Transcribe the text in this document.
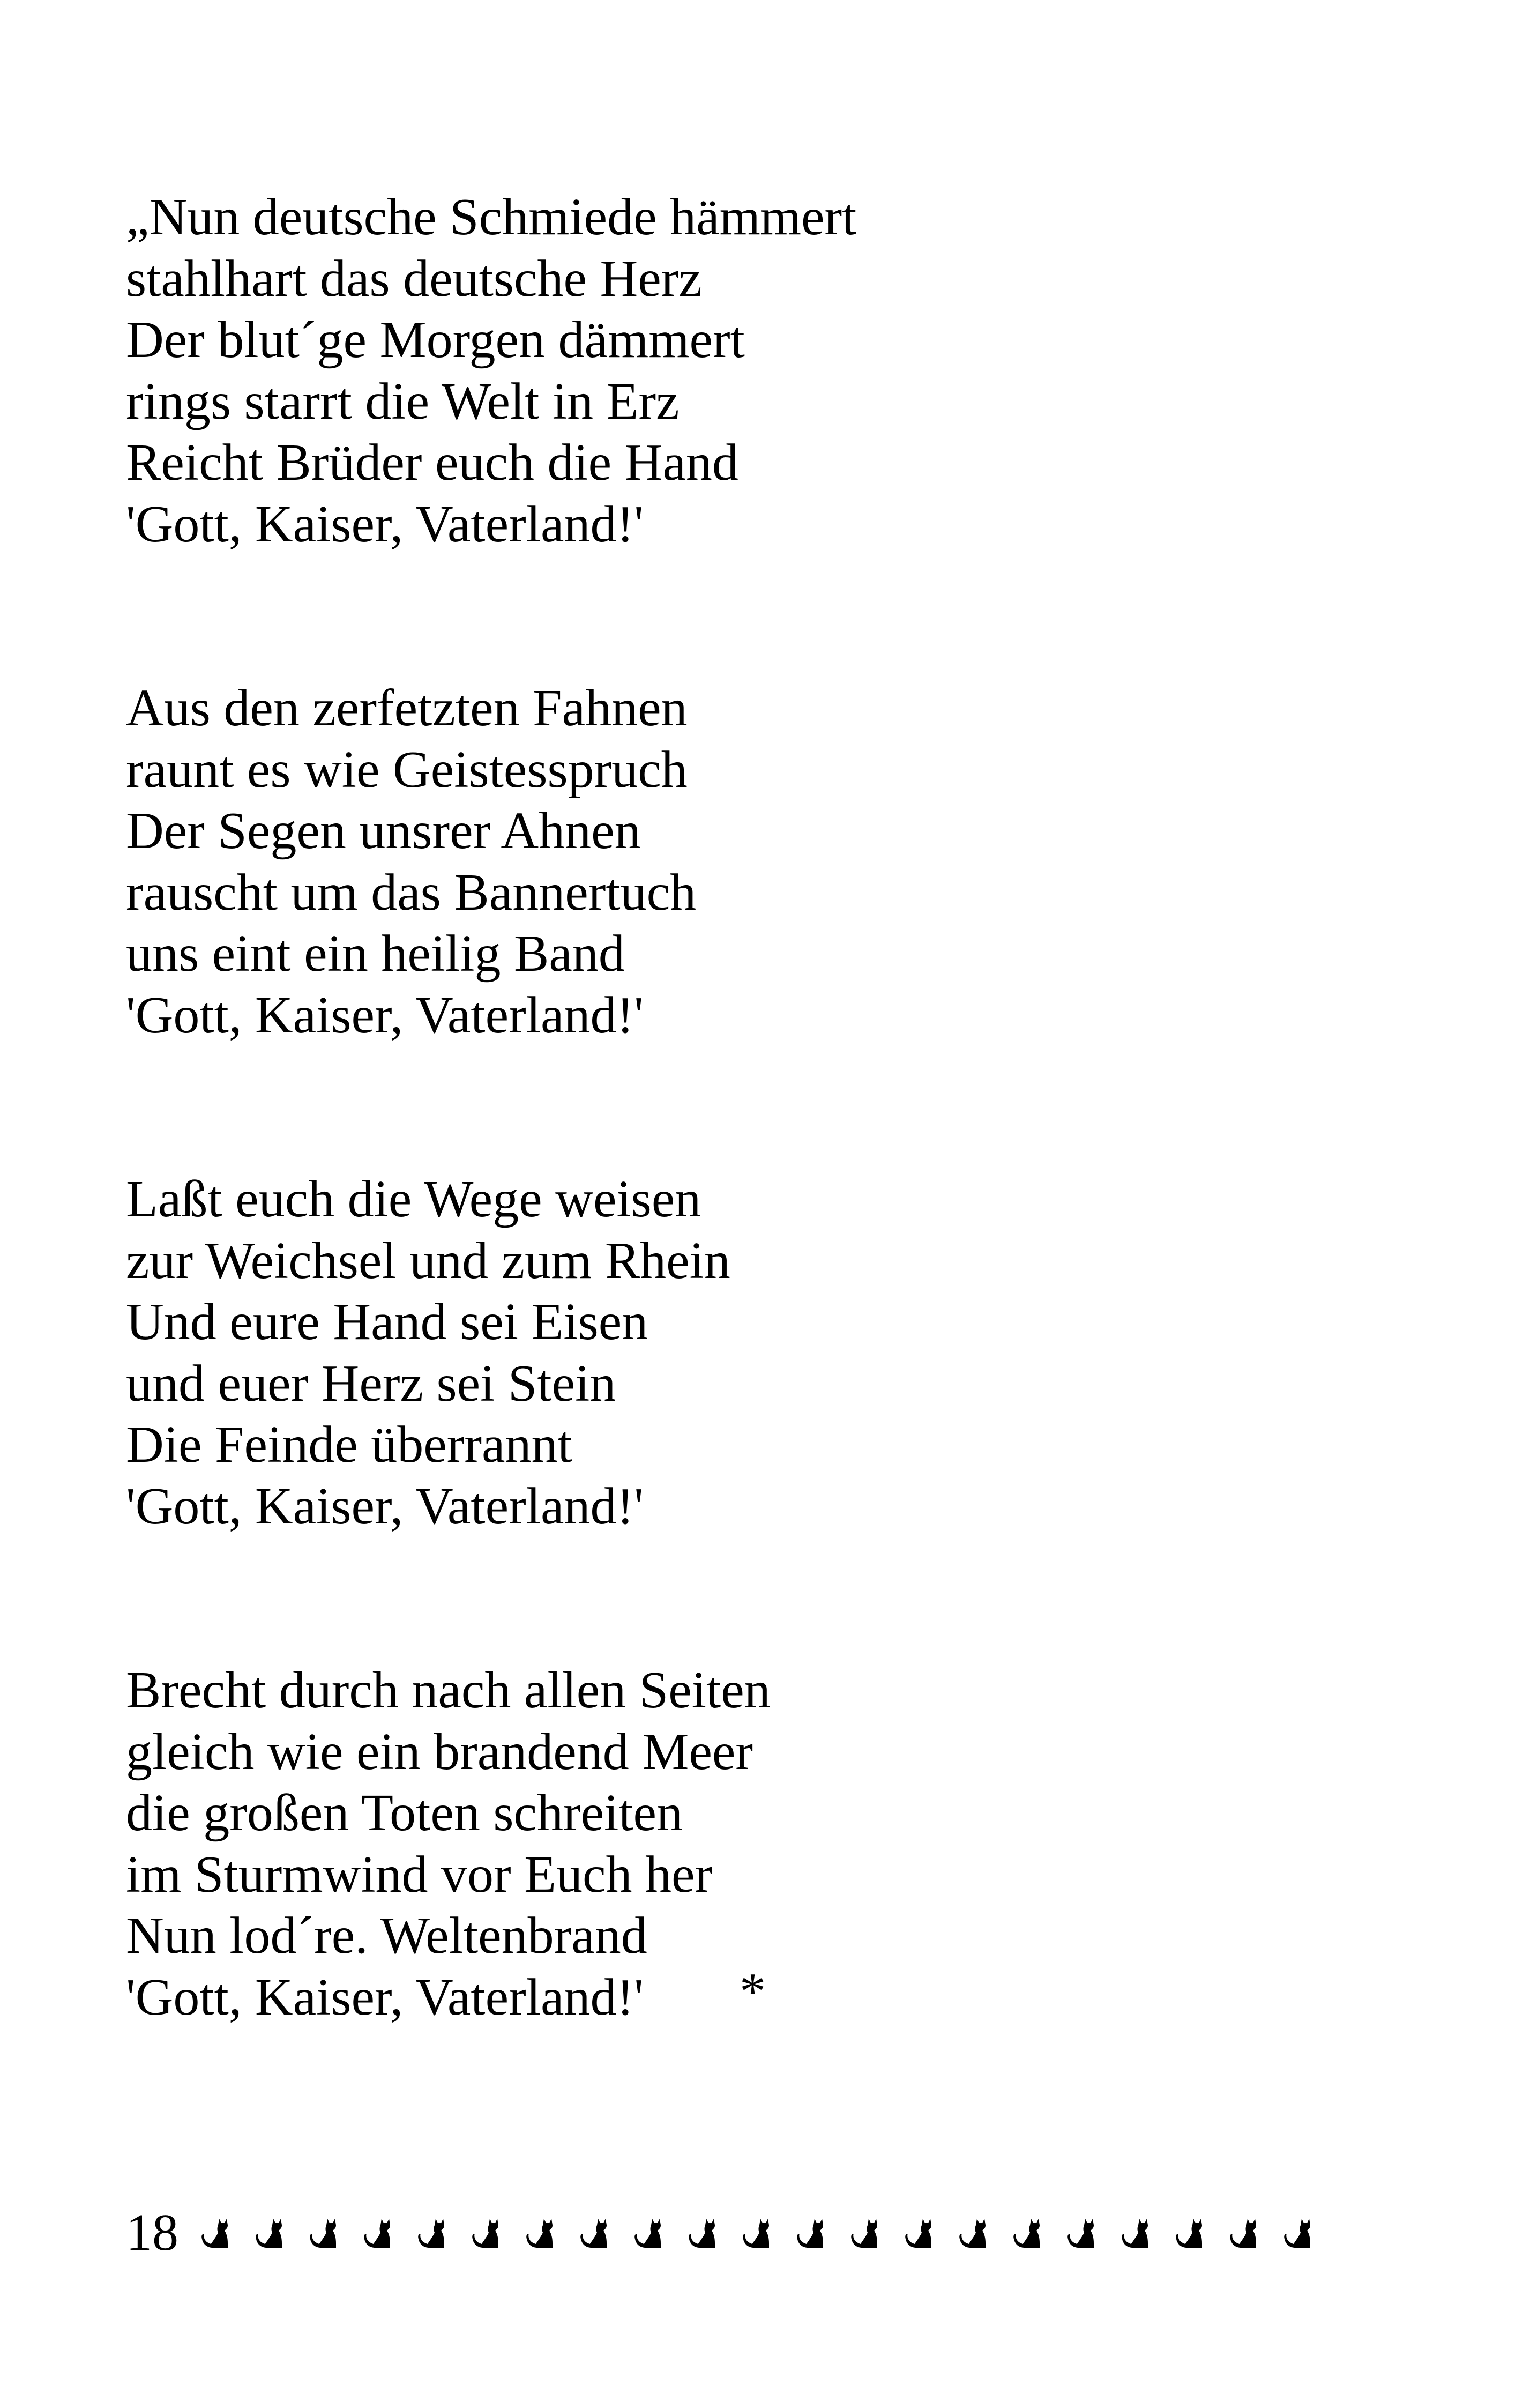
„Nun deutsche Schmiede hämmert
stahlhart das deutsche Herz
Der blut´ge Morgen dämmert
rings starrt die Welt in Erz
Reicht Brüder euch die Hand
'Gott, Kaiser, Vaterland!'
Aus den zerfetzten Fahnen
raunt es wie Geistesspruch
Der Segen unsrer Ahnen
rauscht um das Bannertuch
uns eint ein heilig Band
'Gott, Kaiser, Vaterland!'
Laßt euch die Wege weisen
zur Weichsel und zum Rhein
Und eure Hand sei Eisen
und euer Herz sei Stein
Die Feinde überrannt
'Gott, Kaiser, Vaterland!'
Brecht durch nach allen Seiten
gleich wie ein brandend Meer
die großen Toten schreiten
im Sturmwind vor Euch her
Nun lod´re. Weltenbrand
'Gott, Kaiser, Vaterland!'	*
18
